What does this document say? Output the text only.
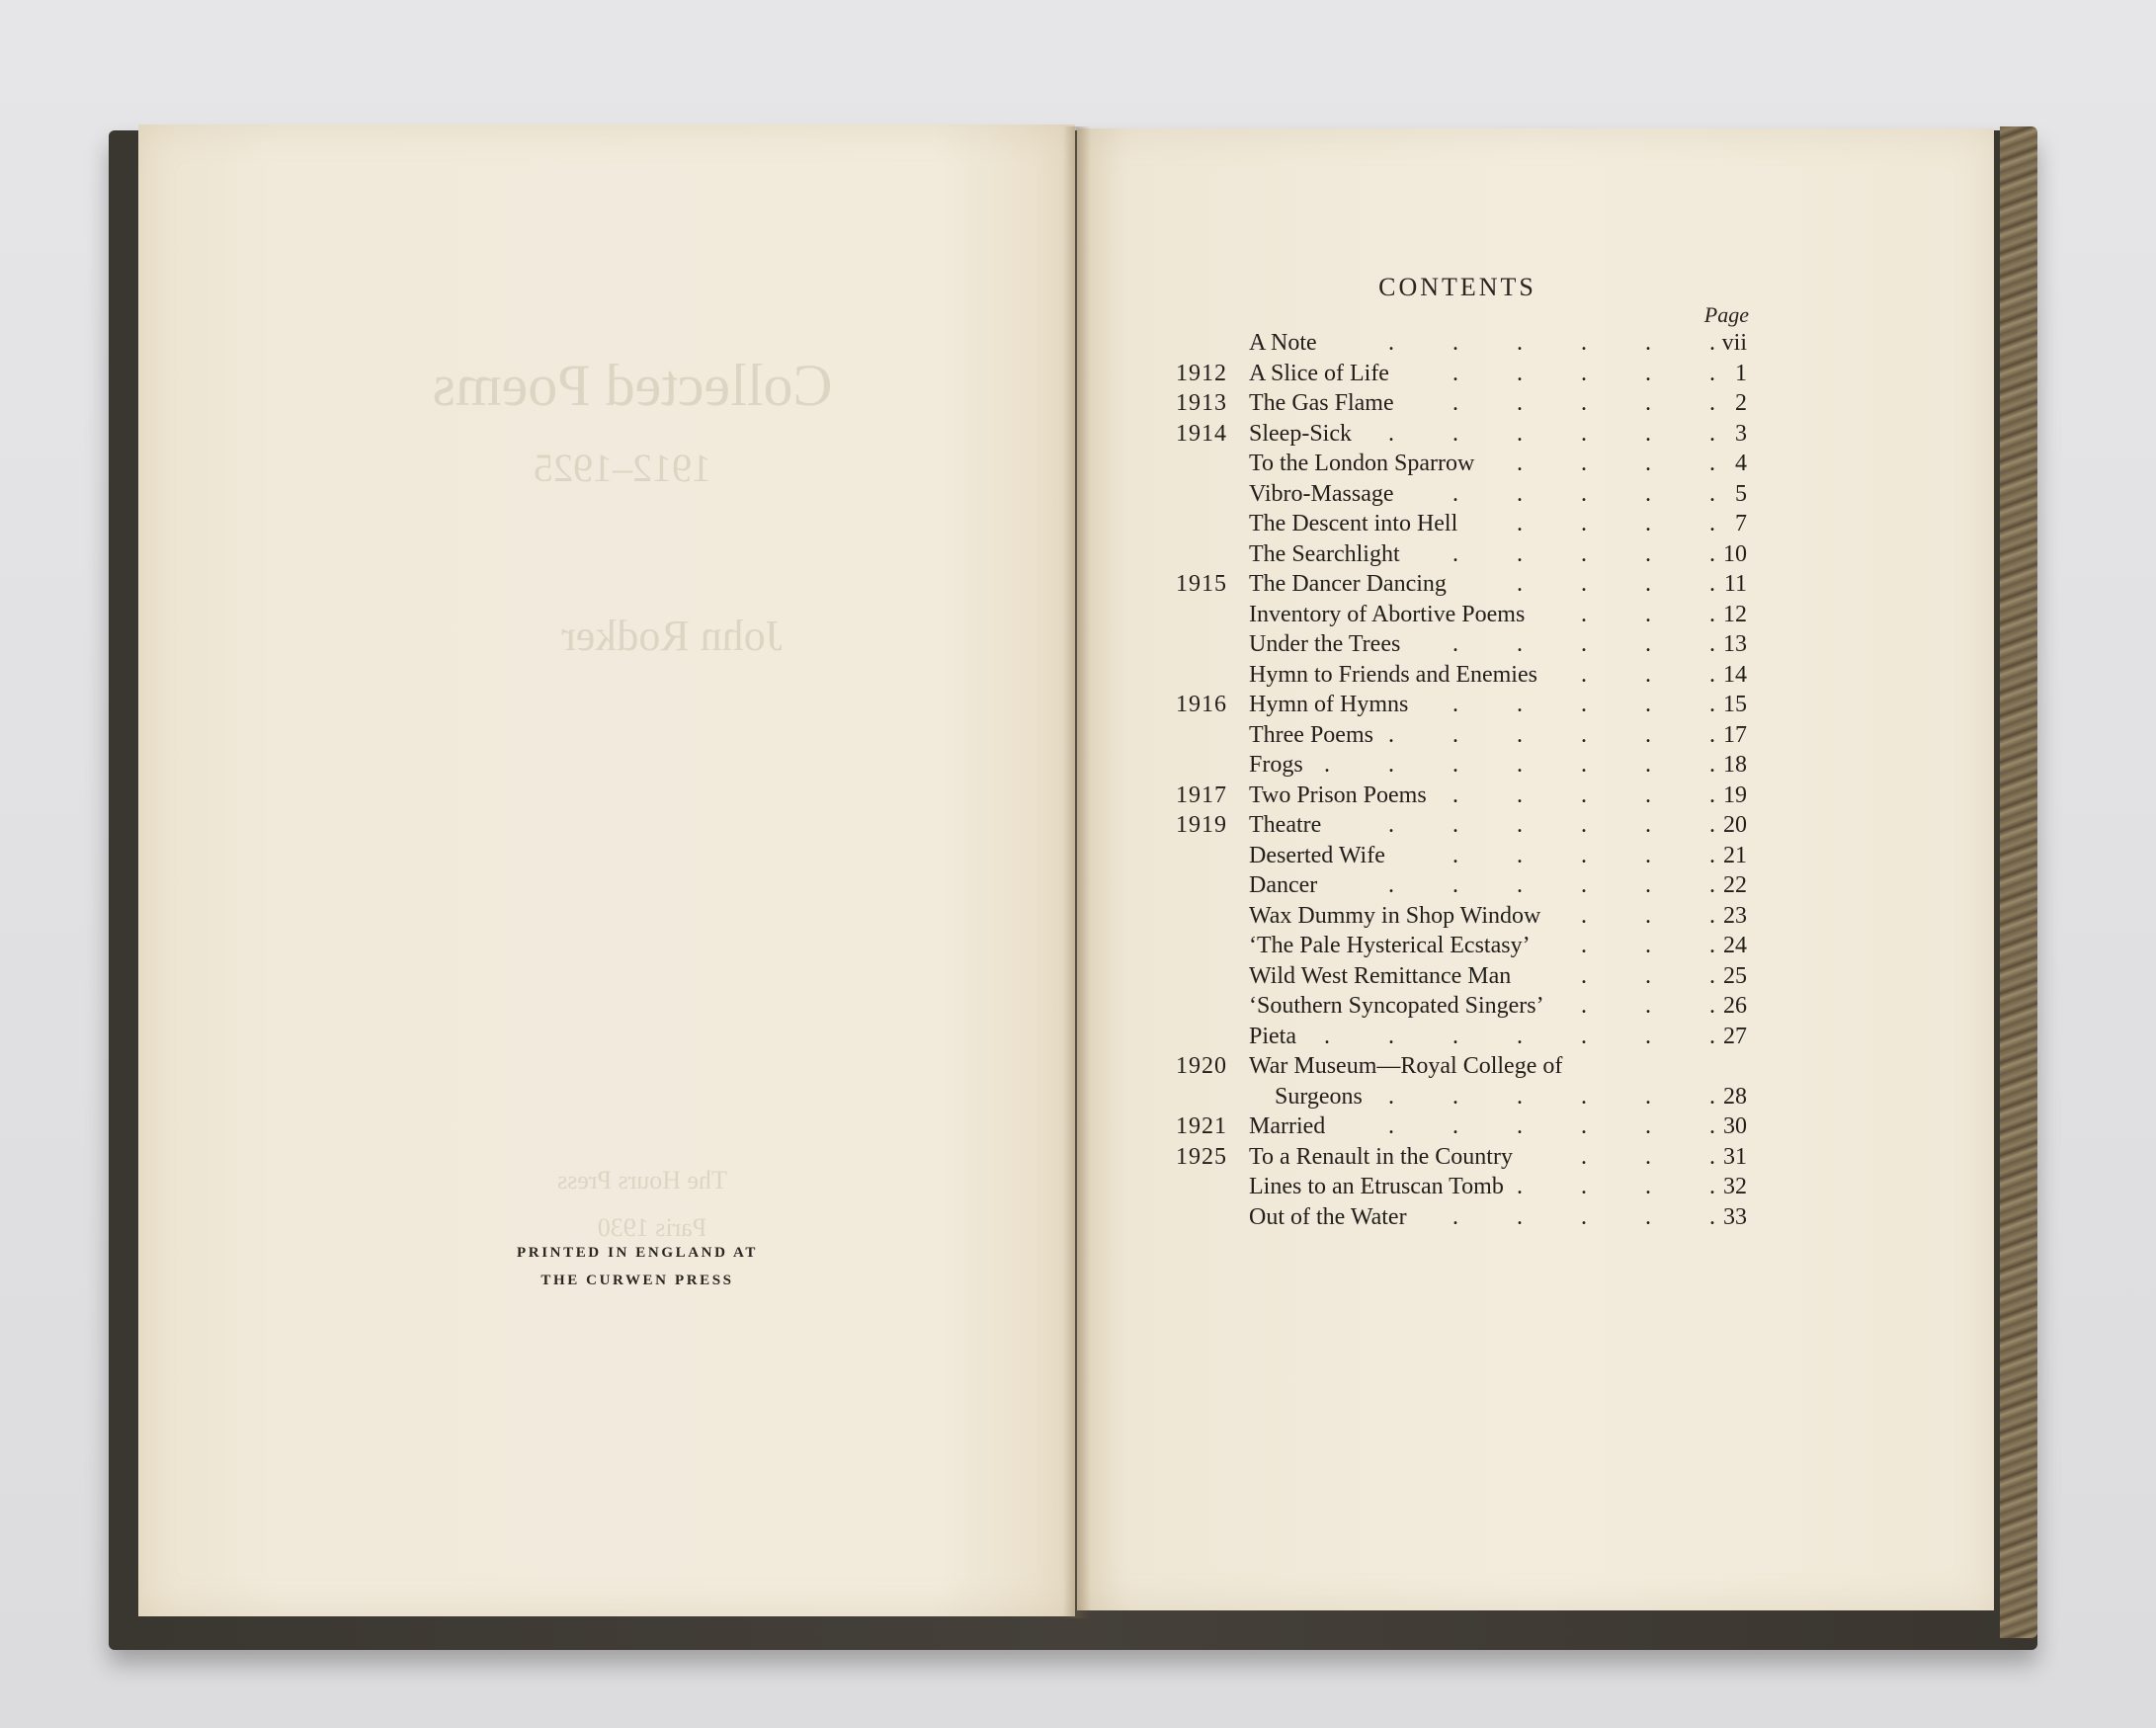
Collected Poems
1912–1925
John Rodker
The Hours Press
Paris 1930
PRINTED IN ENGLAND AT
THE CURWEN PRESS
CONTENTS
Page
A Note	vii
. . . . . .
1912 A Slice of Life	1
. . . . .
1913 The Gas Flame	2
. . . . .
1914 Sleep-Sick	3
. . . . . .
To the London Sparrow	4
. . . .
Vibro-Massage	5
. . . . .
The Descent into Hell	7
. . . .
The Searchlight	10
. . . . .
1915 The Dancer Dancing	11
. . . .
Inventory of Abortive Poems	12
. . .
Under the Trees	13
. . . . .
Hymn to Friends and Enemies	14
. . .
1916 Hymn of Hymns	15
. . . . .
Three Poems	17
. . . . . .
Frogs	18
. . . . . . .
1917 Two Prison Poems	19
. . . . .
1919 Theatre	20
. . . . . .
Deserted Wife	21
. . . . .
Dancer	22
. . . . . .
Wax Dummy in Shop Window	23
. . .
‘The Pale Hysterical Ecstasy’	24
. . .
Wild West Remittance Man	25
. . .
‘Southern Syncopated Singers’	26
. . .
Pieta	27
. . . . . . .
1920 War Museum—Royal College of
Surgeons	28
. . . . . .
1921 Married	30
. . . . . .
1925 To a Renault in the Country	31
. . .
Lines to an Etruscan Tomb	32
. . . .
Out of the Water	33
. . . . .
